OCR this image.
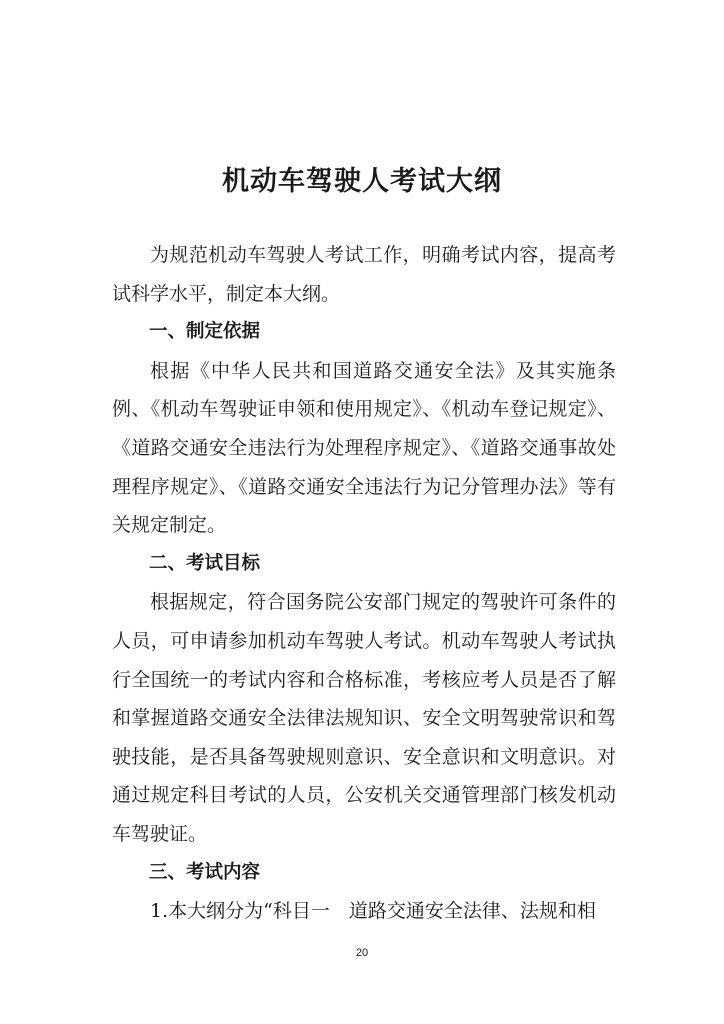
机动车驾驶人考试大纲

为规范机动车驾驶人考试工作，明确考试内容，提高考试科学水平，制定本大纲。

一、制定依据

根据《中华人民共和国道路交通安全法》及其实施条例、《机动车驾驶证申领和使用规定》、《机动车登记规定》、《道路交通安全违法行为处理程序规定》、《道路交通事故处理程序规定》、《道路交通安全违法行为记分管理办法》等有关规定制定。

二、考试目标

根据规定，符合国务院公安部门规定的驾驶许可条件的人员，可申请参加机动车驾驶人考试。机动车驾驶人考试执行全国统一的考试内容和合格标准，考核应考人员是否了解和掌握道路交通安全法律法规知识、安全文明驾驶常识和驾驶技能，是否具备驾驶规则意识、安全意识和文明意识。对通过规定科目考试的人员，公安机关交通管理部门核发机动车驾驶证。

三、考试内容

1.本大纲分为“科目一　道路交通安全法律、法规和相

20
